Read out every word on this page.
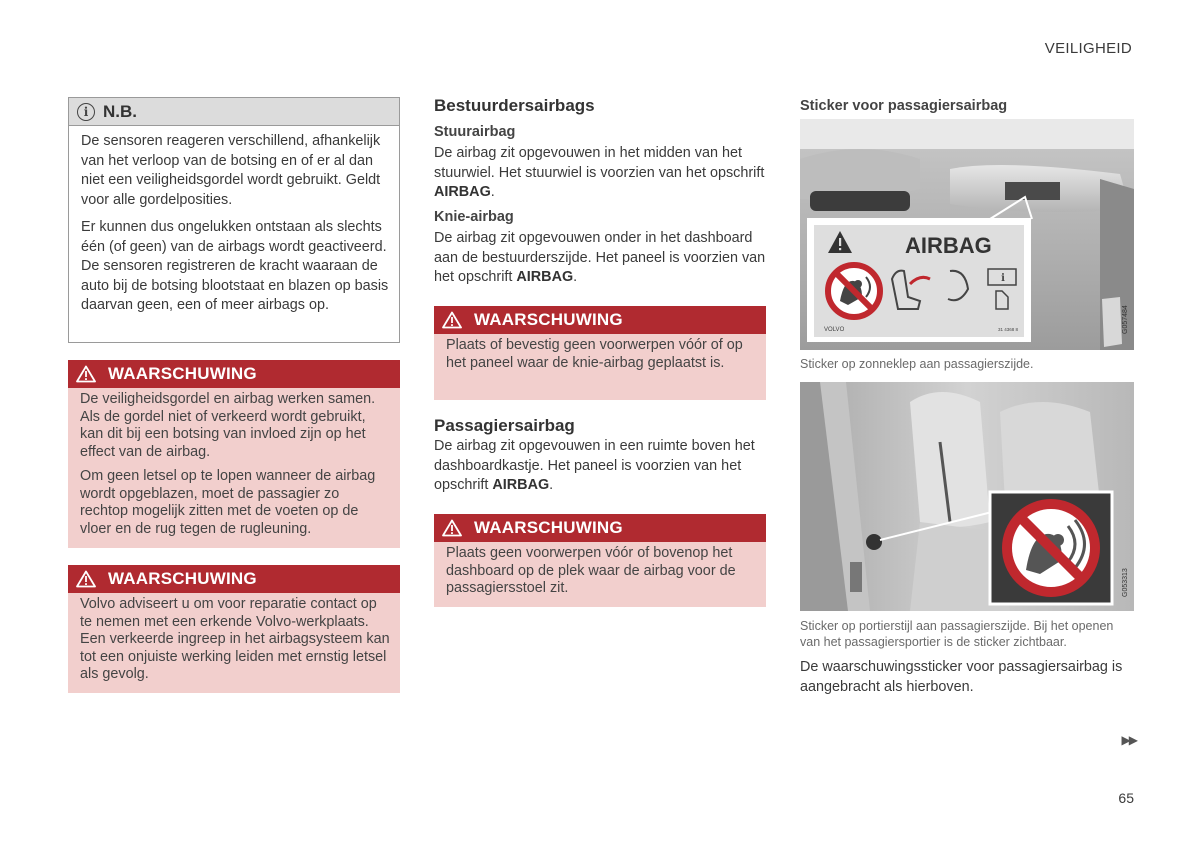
VEILIGHEID
i N.B.

De sensoren reageren verschillend, afhankelijk van het verloop van de botsing en of er al dan niet een veiligheidsgordel wordt gebruikt. Geldt voor alle gordelposities.

Er kunnen dus ongelukken ontstaan als slechts één (of geen) van de airbags wordt geactiveerd. De sensoren registreren de kracht waaraan de auto bij de botsing blootstaat en blazen op basis daarvan geen, een of meer airbags op.

WAARSCHUWING

De veiligheidsgordel en airbag werken samen. Als de gordel niet of verkeerd wordt gebruikt, kan dit bij een botsing van invloed zijn op het effect van de airbag.

Om geen letsel op te lopen wanneer de airbag wordt opgeblazen, moet de passagier zo rechtop mogelijk zitten met de voeten op de vloer en de rug tegen de rugleuning.

WAARSCHUWING

Volvo adviseert u om voor reparatie contact op te nemen met een erkende Volvo-werkplaats. Een verkeerde ingreep in het airbagsysteem kan tot een onjuiste werking leiden met ernstig letsel als gevolg.

Bestuurdersairbags
Stuurairbag
De airbag zit opgevouwen in het midden van het stuurwiel. Het stuurwiel is voorzien van het opschrift AIRBAG.
Knie-airbag
De airbag zit opgevouwen onder in het dashboard aan de bestuurderszijde. Het paneel is voorzien van het opschrift AIRBAG.
WAARSCHUWING

Plaats of bevestig geen voorwerpen vóór of op het paneel waar de knie-airbag geplaatst is.

Passagiersairbag
De airbag zit opgevouwen in een ruimte boven het dashboardkastje. Het paneel is voorzien van het opschrift AIRBAG.
WAARSCHUWING

Plaats geen voorwerpen vóór of bovenop het dashboard op de plek waar de airbag voor de passagiersstoel zit.

Sticker voor passagiersairbag
AIRBAG
i
VOLVO	31 4368 8	G057484
Sticker op zonneklep aan passagierszijde.
G053313
Sticker op portierstijl aan passagierszijde. Bij het openen van het passagiersportier is de sticker zichtbaar.
De waarschuwingssticker voor passagiersairbag is aangebracht als hierboven.
▶▶
65
